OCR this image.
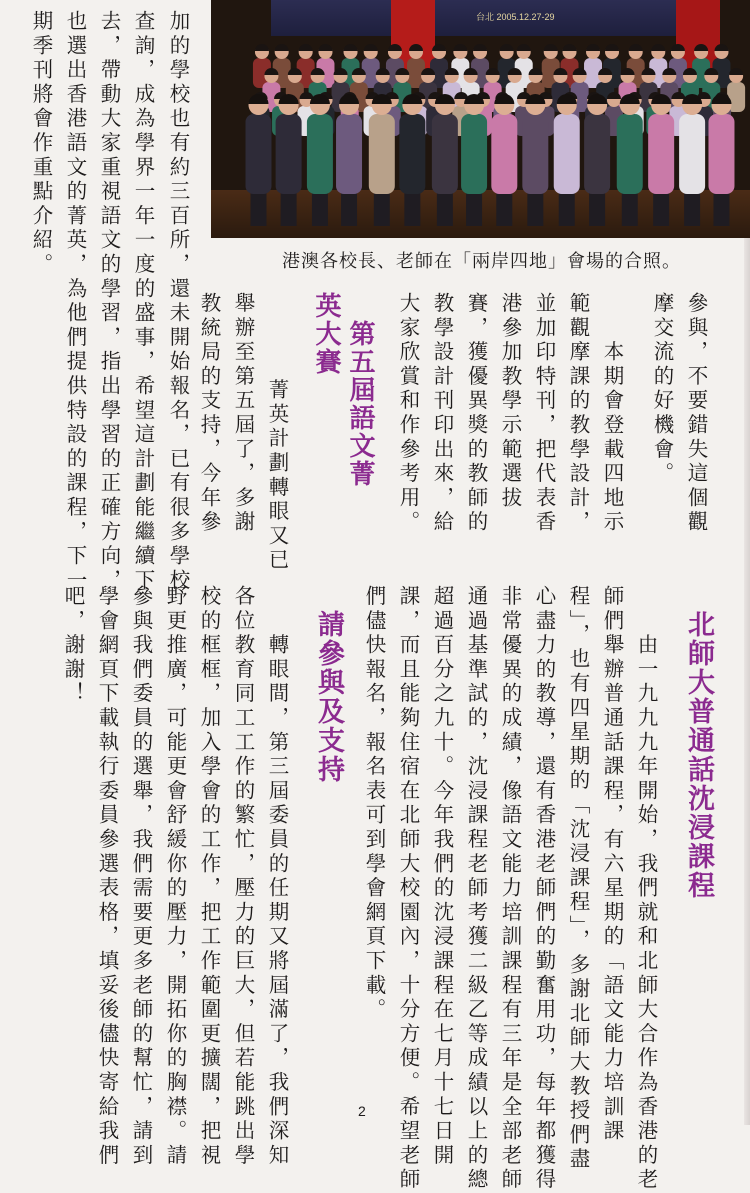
台北 2005.12.27-29
港澳各校長、老師在「兩岸四地」會場的合照。
加的學校也有約三百所，還未開始報名，已有很多學校
查詢，成為學界一年一度的盛事，希望這計劃能繼續下
去，帶動大家重視語文的學習，指出學習的正確方向，
也選出香港語文的菁英，為他們提供特設的課程，下一
期季刊將會作重點介紹。
第五屆語文菁
英大賽
　　菁英計劃轉眼又已
舉辦至第五屆了，多謝
教統局的支持，今年參	參與，不要錯失這個觀
摩交流的好機會。
　　本期會登載四地示
範觀摩課的教學設計，
並加印特刊，把代表香
港參加教學示範選拔
賽，獲優異獎的教師的
教學設計刊印出來，給
大家欣賞和作參考用。
北師大普通話沈浸課程
　　由一九九九年開始，我們就和北師大合作為香港的老
師們舉辦普通話課程，有六星期的「語文能力培訓課
程」，也有四星期的「沈浸課程」，多謝北師大教授們盡
心盡力的教導，還有香港老師們的勤奮用功，每年都獲得
非常優異的成績，像語文能力培訓課程有三年是全部老師
通過基準試的，沈浸課程老師考獲二級乙等成績以上的總
超過百分之九十。今年我們的沈浸課程在七月十七日開
課，而且能夠住宿在北師大校園內，十分方便。希望老師
們儘快報名，報名表可到學會網頁下載。
請參與及支持
　　轉眼間，第三屆委員的任期又將屆滿了，我們深知
各位教育同工工作的繁忙，壓力的巨大，但若能跳出學
校的框框，加入學會的工作，把工作範圍更擴闊，把視
野更推廣，可能更會舒緩你的壓力，開拓你的胸襟。請
參與我們委員的選舉，我們需要更多老師的幫忙，請到
學會網頁下載執行委員參選表格，填妥後儘快寄給我們
吧，謝謝！
2
